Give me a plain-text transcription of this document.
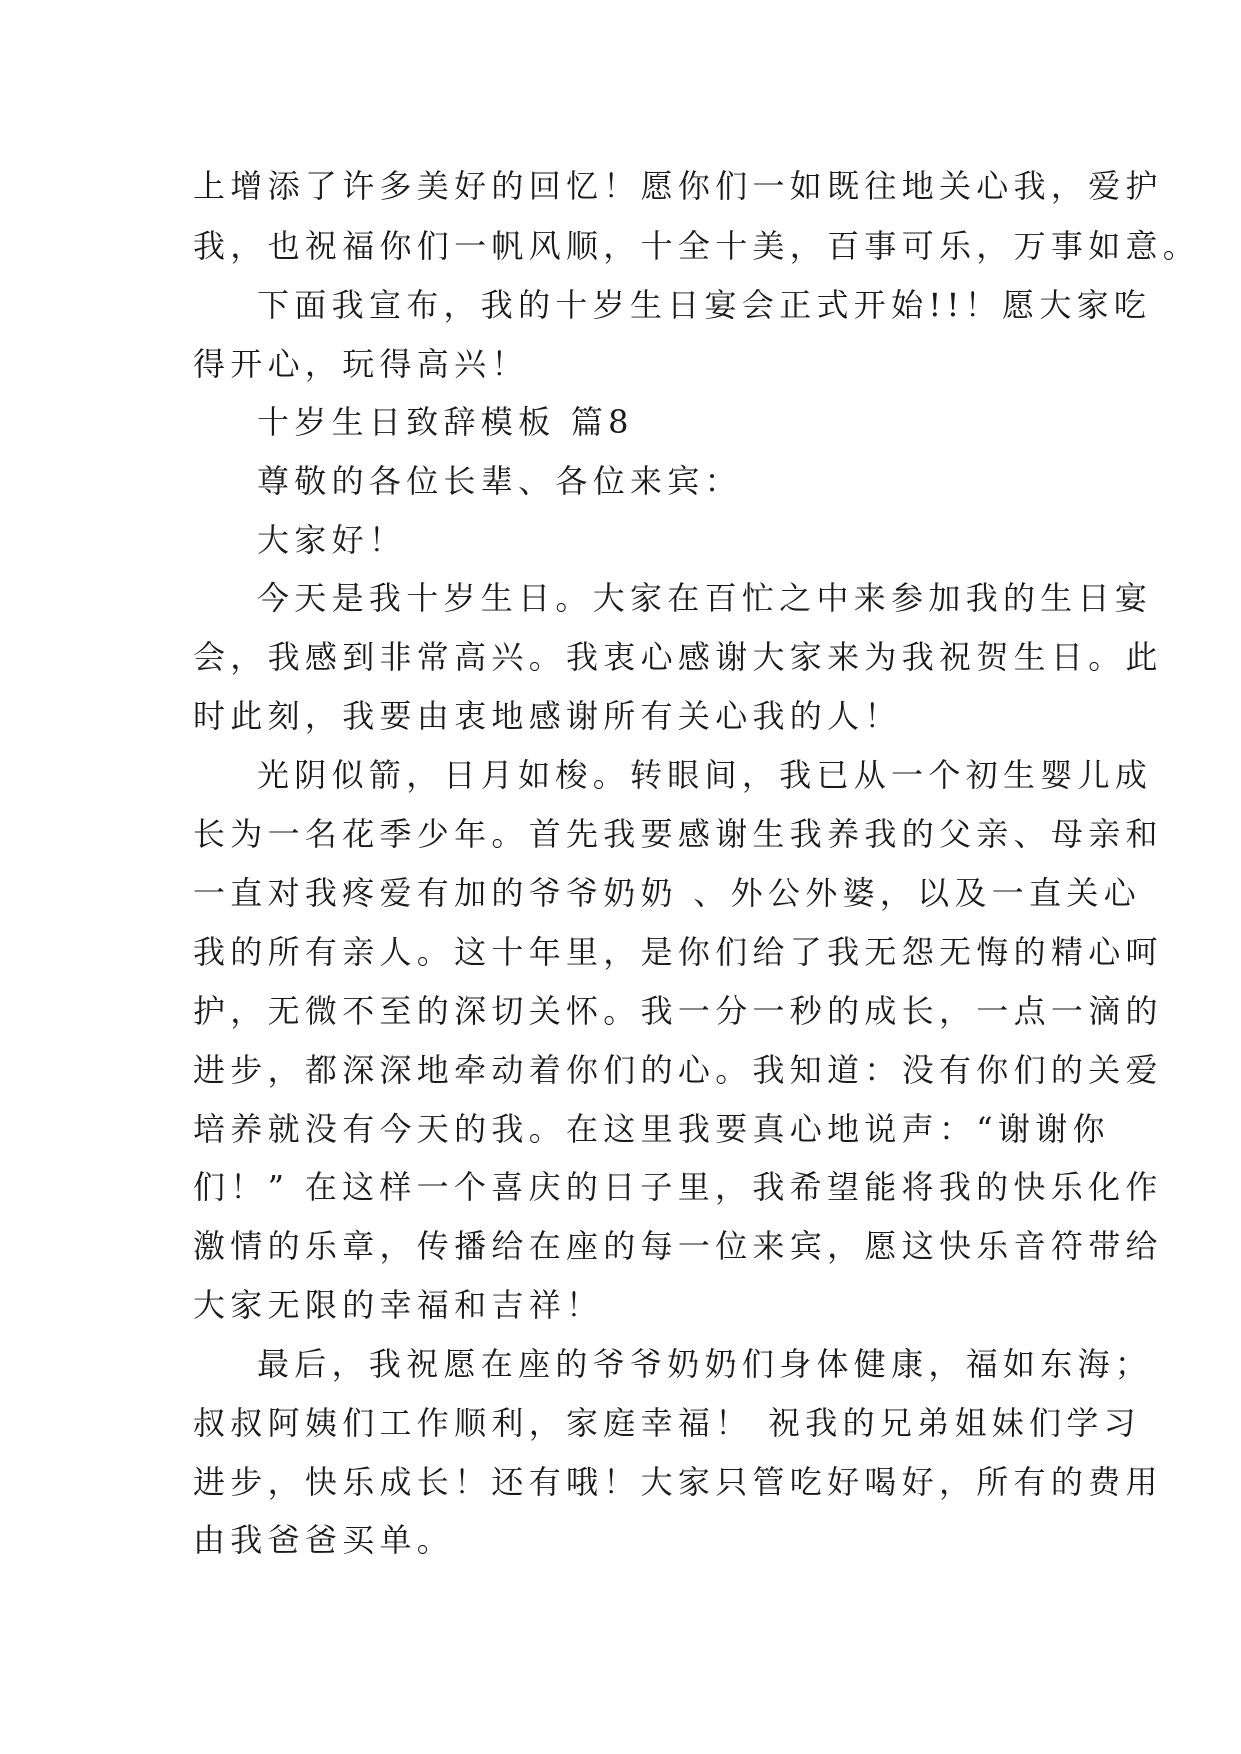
上增添了许多美好的回忆！愿你们一如既往地关心我，爱护
我，也祝福你们一帆风顺，十全十美，百事可乐，万事如意。
下面我宣布，我的十岁生日宴会正式开始!!！愿大家吃
得开心，玩得高兴！
十岁生日致辞模板 篇8
尊敬的各位长辈、各位来宾：
大家好！
今天是我十岁生日。大家在百忙之中来参加我的生日宴
会，我感到非常高兴。我衷心感谢大家来为我祝贺生日。此
时此刻，我要由衷地感谢所有关心我的人！
光阴似箭，日月如梭。转眼间，我已从一个初生婴儿成
长为一名花季少年。首先我要感谢生我养我的父亲、母亲和
一直对我疼爱有加的爷爷奶奶 、外公外婆，以及一直关心
我的所有亲人。这十年里，是你们给了我无怨无悔的精心呵
护，无微不至的深切关怀。我一分一秒的成长，一点一滴的
进步，都深深地牵动着你们的心。我知道：没有你们的关爱
培养就没有今天的我。在这里我要真心地说声：“谢谢你
们！” 在这样一个喜庆的日子里，我希望能将我的快乐化作
激情的乐章，传播给在座的每一位来宾，愿这快乐音符带给
大家无限的幸福和吉祥！
最后，我祝愿在座的爷爷奶奶们身体健康，福如东海；
叔叔阿姨们工作顺利，家庭幸福！ 祝我的兄弟姐妹们学习
进步，快乐成长！还有哦！大家只管吃好喝好，所有的费用
由我爸爸买单。
